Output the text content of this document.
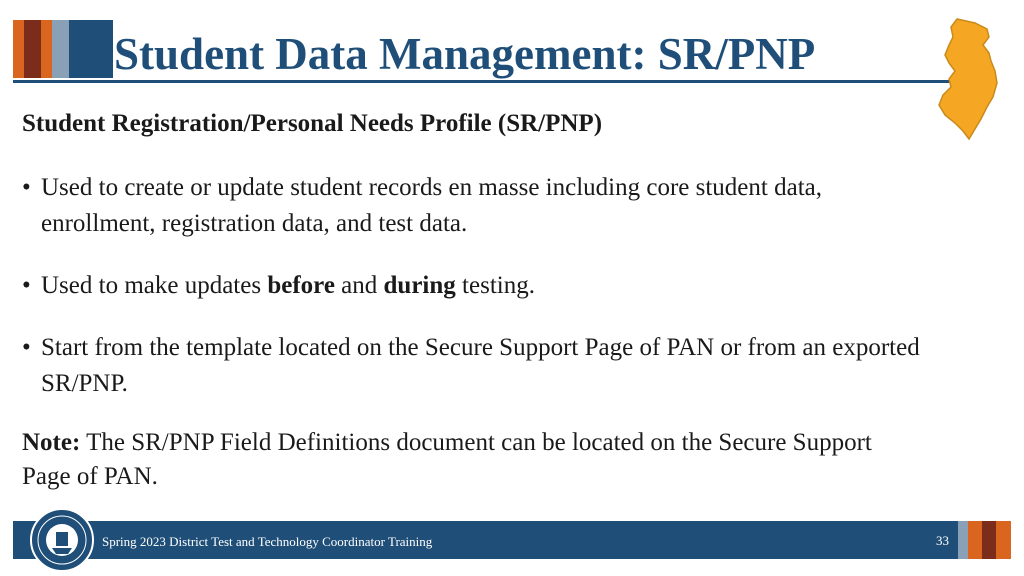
Student Data Management: SR/PNP
Student Registration/Personal Needs Profile (SR/PNP)
• Used to create or update student records en masse including core student data, enrollment, registration data, and test data.
• Used to make updates before and during testing.
• Start from the template located on the Secure Support Page of PAN or from an exported SR/PNP.
Note: The SR/PNP Field Definitions document can be located on the Secure Support Page of PAN.
Spring 2023 District Test and Technology Coordinator Training	33
